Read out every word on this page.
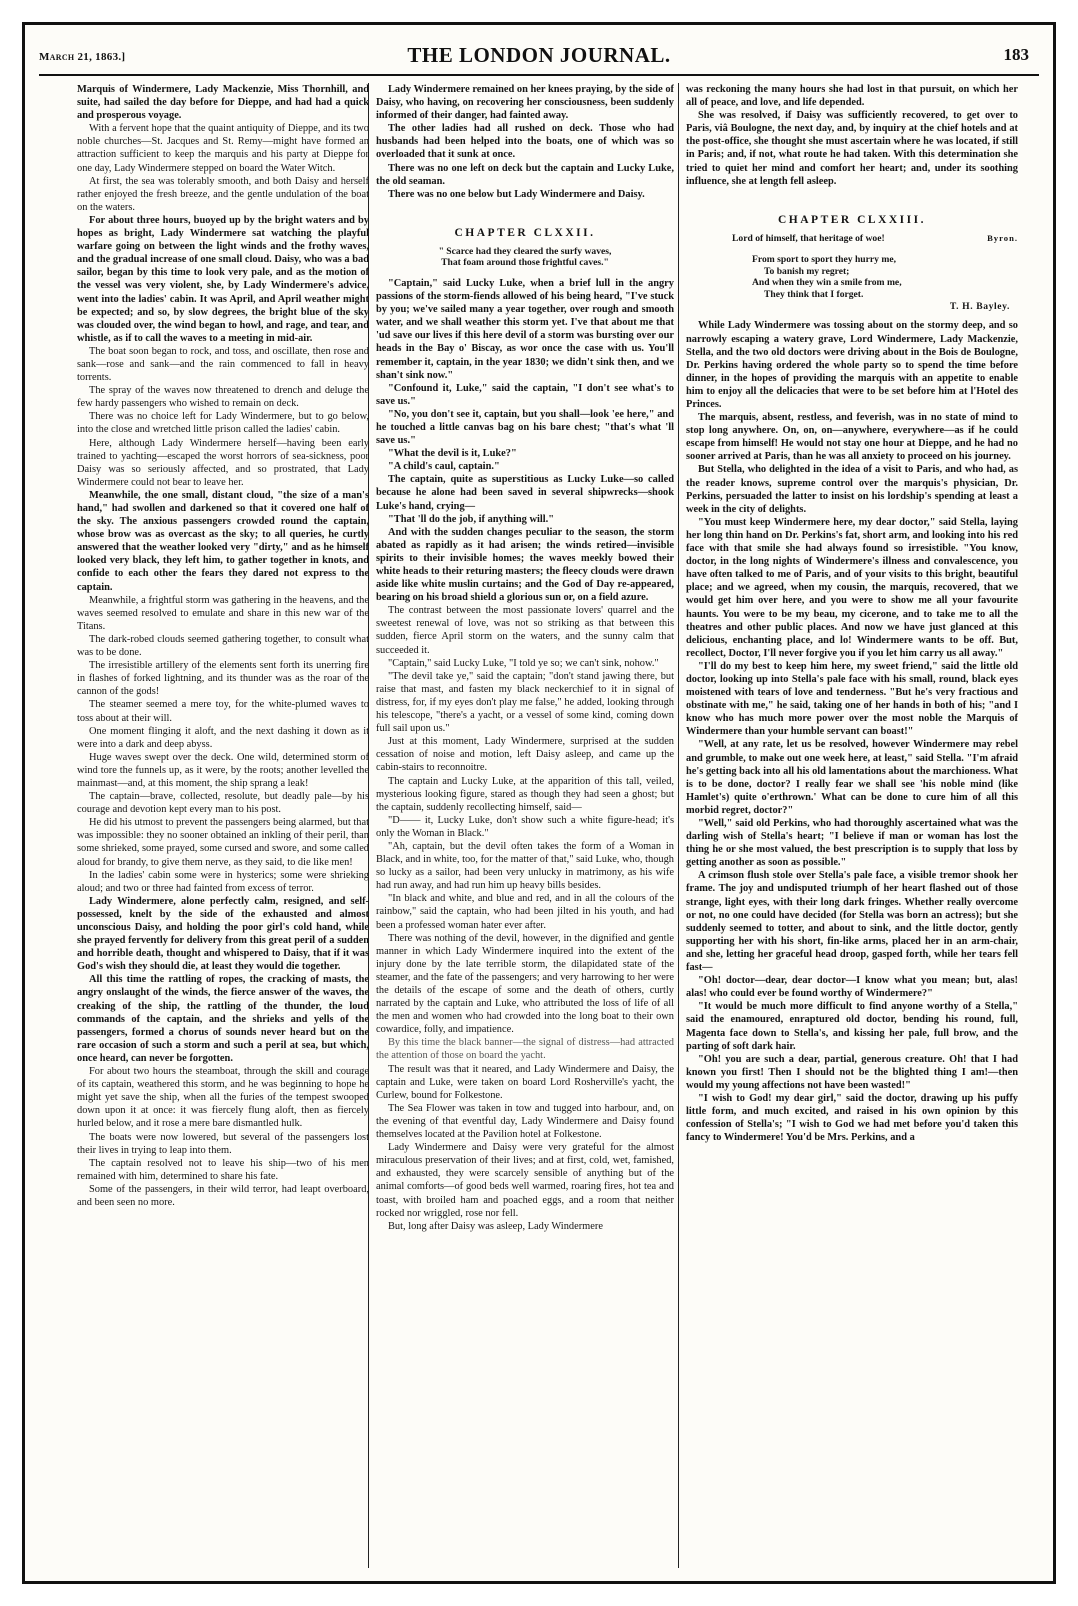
March 21, 1863.]	THE LONDON JOURNAL.	183

Marquis of Windermere, Lady Mackenzie, Miss Thornhill, and suite, had sailed the day before for Dieppe, and had had a quick and prosperous voyage.

With a fervent hope that the quaint antiquity of Dieppe, and its two noble churches—St. Jacques and St. Remy—might have formed an attraction sufficient to keep the marquis and his party at Dieppe for one day, Lady Windermere stepped on board the Water Witch.

At first, the sea was tolerably smooth, and both Daisy and herself rather enjoyed the fresh breeze, and the gentle undulation of the boat on the waters.

For about three hours, buoyed up by the bright waters and by hopes as bright, Lady Windermere sat watching the playful warfare going on between the light winds and the frothy waves, and the gradual increase of one small cloud. Daisy, who was a bad sailor, began by this time to look very pale, and as the motion of the vessel was very violent, she, by Lady Windermere's advice, went into the ladies' cabin. It was April, and April weather might be expected; and so, by slow degrees, the bright blue of the sky was clouded over, the wind began to howl, and rage, and tear, and whistle, as if to call the waves to a meeting in mid-air.

The boat soon began to rock, and toss, and oscillate, then rose and sank—rose and sank—and the rain commenced to fall in heavy torrents.

The spray of the waves now threatened to drench and deluge the few hardy passengers who wished to remain on deck.

There was no choice left for Lady Windermere, but to go below, into the close and wretched little prison called the ladies' cabin.

Here, although Lady Windermere herself—having been early trained to yachting—escaped the worst horrors of sea-sickness, poor Daisy was so seriously affected, and so prostrated, that Lady Windermere could not bear to leave her.

Meanwhile, the one small, distant cloud, "the size of a man's hand," had swollen and darkened so that it covered one half of the sky. The anxious passengers crowded round the captain, whose brow was as overcast as the sky; to all queries, he curtly answered that the weather looked very "dirty," and as he himself looked very black, they left him, to gather together in knots, and confide to each other the fears they dared not express to the captain.

Meanwhile, a frightful storm was gathering in the heavens, and the waves seemed resolved to emulate and share in this new war of the Titans.

The dark-robed clouds seemed gathering together, to consult what was to be done.

The irresistible artillery of the elements sent forth its unerring fire in flashes of forked lightning, and its thunder was as the roar of the cannon of the gods!

The steamer seemed a mere toy, for the white-plumed waves to toss about at their will.

One moment flinging it aloft, and the next dashing it down as it were into a dark and deep abyss.

Huge waves swept over the deck. One wild, determined storm of wind tore the funnels up, as it were, by the roots; another levelled the mainmast—and, at this moment, the ship sprang a leak!

The captain—brave, collected, resolute, but deadly pale—by his courage and devotion kept every man to his post.

He did his utmost to prevent the passengers being alarmed, but that was impossible: they no sooner obtained an inkling of their peril, than some shrieked, some prayed, some cursed and swore, and some called aloud for brandy, to give them nerve, as they said, to die like men!

In the ladies' cabin some were in hysterics; some were shrieking aloud; and two or three had fainted from excess of terror.

Lady Windermere, alone perfectly calm, resigned, and self-possessed, knelt by the side of the exhausted and almost unconscious Daisy, and holding the poor girl's cold hand, while she prayed fervently for delivery from this great peril of a sudden and horrible death, thought and whispered to Daisy, that if it was God's wish they should die, at least they would die together.

All this time the rattling of ropes, the cracking of masts, the angry onslaught of the winds, the fierce answer of the waves, the creaking of the ship, the rattling of the thunder, the loud commands of the captain, and the shrieks and yells of the passengers, formed a chorus of sounds never heard but on the rare occasion of such a storm and such a peril at sea, but which, once heard, can never be forgotten.

For about two hours the steamboat, through the skill and courage of its captain, weathered this storm, and he was beginning to hope he might yet save the ship, when all the furies of the tempest swooped down upon it at once: it was fiercely flung aloft, then as fiercely hurled below, and it rose a mere bare dismantled hulk.

The boats were now lowered, but several of the passengers lost their lives in trying to leap into them.

The captain resolved not to leave his ship—two of his men remained with him, determined to share his fate.

Some of the passengers, in their wild terror, had leapt overboard, and been seen no more.

Lady Windermere remained on her knees praying, by the side of Daisy, who having, on recovering her consciousness, been suddenly informed of their danger, had fainted away.

The other ladies had all rushed on deck. Those who had husbands had been helped into the boats, one of which was so overloaded that it sunk at once.

There was no one left on deck but the captain and Lucky Luke, the old seaman.

There was no one below but Lady Windermere and Daisy.

CHAPTER CLXXII.
" Scarce had they cleared the surfy waves,
That foam around those frightful caves."

"Captain," said Lucky Luke, when a brief lull in the angry passions of the storm-fiends allowed of his being heard, "I've stuck by you; we've sailed many a year together, over rough and smooth water, and we shall weather this storm yet. I've that about me that 'ud save our lives if this here devil of a storm was bursting over our heads in the Bay o' Biscay, as wor once the case with us. You'll remember it, captain, in the year 1830; we didn't sink then, and we shan't sink now."

"Confound it, Luke," said the captain, "I don't see what's to save us."

"No, you don't see it, captain, but you shall—look 'ee here," and he touched a little canvas bag on his bare chest; "that's what 'll save us."

"What the devil is it, Luke?"

"A child's caul, captain."

The captain, quite as superstitious as Lucky Luke—so called because he alone had been saved in several shipwrecks—shook Luke's hand, crying—

"That 'll do the job, if anything will."

And with the sudden changes peculiar to the season, the storm abated as rapidly as it had arisen; the winds retired—invisible spirits to their invisible homes; the waves meekly bowed their white heads to their returing masters; the fleecy clouds were drawn aside like white muslin curtains; and the God of Day re-appeared, bearing on his broad shield a glorious sun or, on a field azure.

The contrast between the most passionate lovers' quarrel and the sweetest renewal of love, was not so striking as that between this sudden, fierce April storm on the waters, and the sunny calm that succeeded it.

"Captain," said Lucky Luke, "I told ye so; we can't sink, nohow."

"The devil take ye," said the captain; "don't stand jawing there, but raise that mast, and fasten my black neckerchief to it in signal of distress, for, if my eyes don't play me false," he added, looking through his telescope, "there's a yacht, or a vessel of some kind, coming down full sail upon us."

Just at this moment, Lady Windermere, surprised at the sudden cessation of noise and motion, left Daisy asleep, and came up the cabin-stairs to reconnoitre.

The captain and Lucky Luke, at the apparition of this tall, veiled, mysterious looking figure, stared as though they had seen a ghost; but the captain, suddenly recollecting himself, said—

"D—— it, Lucky Luke, don't show such a white figure-head; it's only the Woman in Black."

"Ah, captain, but the devil often takes the form of a Woman in Black, and in white, too, for the matter of that," said Luke, who, though so lucky as a sailor, had been very unlucky in matrimony, as his wife had run away, and had run him up heavy bills besides.

"In black and white, and blue and red, and in all the colours of the rainbow," said the captain, who had been jilted in his youth, and had been a professed woman hater ever after.

There was nothing of the devil, however, in the dignified and gentle manner in which Lady Windermere inquired into the extent of the injury done by the late terrible storm, the dilapidated state of the steamer, and the fate of the passengers; and very harrowing to her were the details of the escape of some and the death of others, curtly narrated by the captain and Luke, who attributed the loss of life of all the men and women who had crowded into the long boat to their own cowardice, folly, and impatience.

By this time the black banner—the signal of distress—had attracted the attention of those on board the yacht.

The result was that it neared, and Lady Windermere and Daisy, the captain and Luke, were taken on board Lord Rosherville's yacht, the Curlew, bound for Folkestone.

The Sea Flower was taken in tow and tugged into harbour, and, on the evening of that eventful day, Lady Windermere and Daisy found themselves located at the Pavilion hotel at Folkestone.

Lady Windermere and Daisy were very grateful for the almost miraculous preservation of their lives; and at first, cold, wet, famished, and exhausted, they were scarcely sensible of anything but of the animal comforts—of good beds well warmed, roaring fires, hot tea and toast, with broiled ham and poached eggs, and a room that neither rocked nor wriggled, rose nor fell.

But, long after Daisy was asleep, Lady Windermere

was reckoning the many hours she had lost in that pursuit, on which her all of peace, and love, and life depended.

She was resolved, if Daisy was sufficiently recovered, to get over to Paris, viâ Boulogne, the next day, and, by inquiry at the chief hotels and at the post-office, she thought she must ascertain where he was located, if still in Paris; and, if not, what route he had taken. With this determination she tried to quiet her mind and comfort her heart; and, under its soothing influence, she at length fell asleep.

CHAPTER CLXXIII.
Lord of himself, that heritage of woe!	Byron.
From sport to sport they hurry me,
To banish my regret;
And when they win a smile from me,
They think that I forget.
T. H. Bayley.

While Lady Windermere was tossing about on the stormy deep, and so narrowly escaping a watery grave, Lord Windermere, Lady Mackenzie, Stella, and the two old doctors were driving about in the Bois de Boulogne, Dr. Perkins having ordered the whole party so to spend the time before dinner, in the hopes of providing the marquis with an appetite to enable him to enjoy all the delicacies that were to be set before him at l'Hotel des Princes.

The marquis, absent, restless, and feverish, was in no state of mind to stop long anywhere. On, on, on—anywhere, everywhere—as if he could escape from himself! He would not stay one hour at Dieppe, and he had no sooner arrived at Paris, than he was all anxiety to proceed on his journey.

But Stella, who delighted in the idea of a visit to Paris, and who had, as the reader knows, supreme control over the marquis's physician, Dr. Perkins, persuaded the latter to insist on his lordship's spending at least a week in the city of delights.

"You must keep Windermere here, my dear doctor," said Stella, laying her long thin hand on Dr. Perkins's fat, short arm, and looking into his red face with that smile she had always found so irresistible. "You know, doctor, in the long nights of Windermere's illness and convalescence, you have often talked to me of Paris, and of your visits to this bright, beautiful place; and we agreed, when my cousin, the marquis, recovered, that we would get him over here, and you were to show me all your favourite haunts. You were to be my beau, my cicerone, and to take me to all the theatres and other public places. And now we have just glanced at this delicious, enchanting place, and lo! Windermere wants to be off. But, recollect, Doctor, I'll never forgive you if you let him carry us all away."

"I'll do my best to keep him here, my sweet friend," said the little old doctor, looking up into Stella's pale face with his small, round, black eyes moistened with tears of love and tenderness. "But he's very fractious and obstinate with me," he said, taking one of her hands in both of his; "and I know who has much more power over the most noble the Marquis of Windermere than your humble servant can boast!"

"Well, at any rate, let us be resolved, however Windermere may rebel and grumble, to make out one week here, at least," said Stella. "I'm afraid he's getting back into all his old lamentations about the marchioness. What is to be done, doctor? I really fear we shall see 'his noble mind (like Hamlet's) quite o'erthrown.' What can be done to cure him of all this morbid regret, doctor?"

"Well," said old Perkins, who had thoroughly ascertained what was the darling wish of Stella's heart; "I believe if man or woman has lost the thing he or she most valued, the best prescription is to supply that loss by getting another as soon as possible."

A crimson flush stole over Stella's pale face, a visible tremor shook her frame. The joy and undisputed triumph of her heart flashed out of those strange, light eyes, with their long dark fringes. Whether really overcome or not, no one could have decided (for Stella was born an actress); but she suddenly seemed to totter, and about to sink, and the little doctor, gently supporting her with his short, fin-like arms, placed her in an arm-chair, and she, letting her graceful head droop, gasped forth, while her tears fell fast—

"Oh! doctor—dear, dear doctor—I know what you mean; but, alas! alas! who could ever be found worthy of Windermere?"

"It would be much more difficult to find anyone worthy of a Stella," said the enamoured, enraptured old doctor, bending his round, full, Magenta face down to Stella's, and kissing her pale, full brow, and the parting of soft dark hair.

"Oh! you are such a dear, partial, generous creature. Oh! that I had known you first! Then I should not be the blighted thing I am!—then would my young affections not have been wasted!"

"I wish to God! my dear girl," said the doctor, drawing up his puffy little form, and much excited, and raised in his own opinion by this confession of Stella's; "I wish to God we had met before you'd taken this fancy to Windermere! You'd be Mrs. Perkins, and a
